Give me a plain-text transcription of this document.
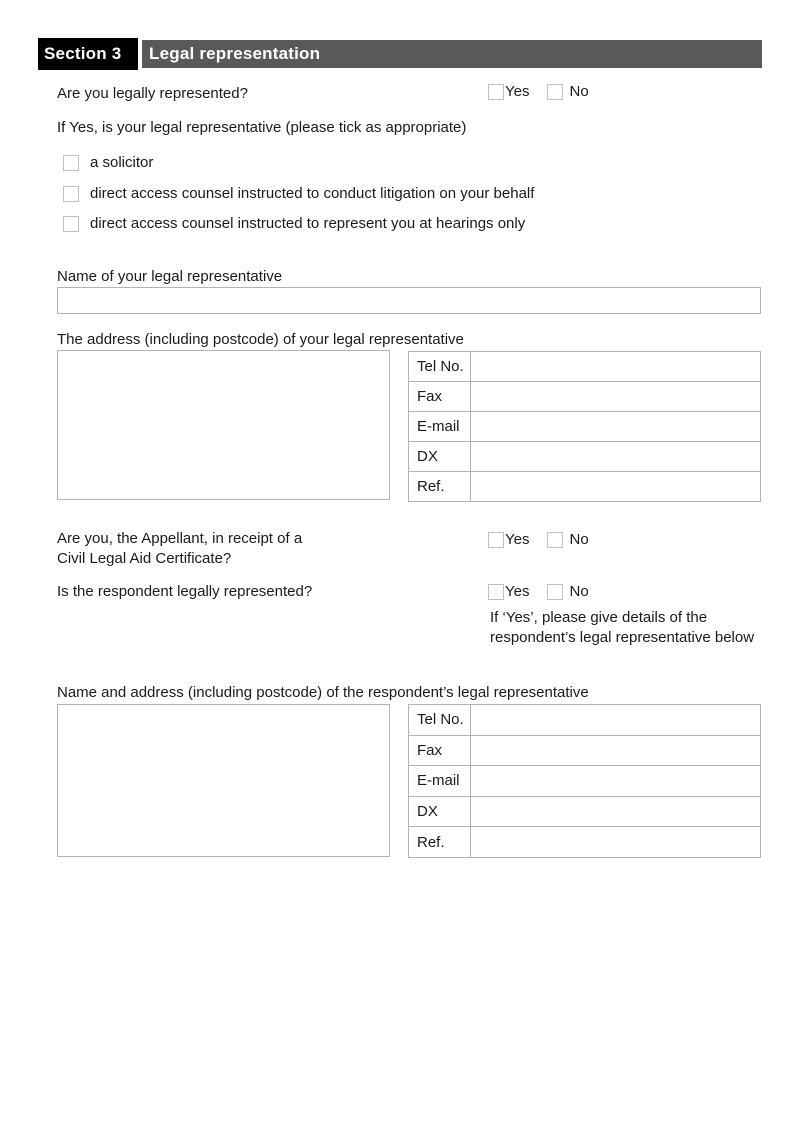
Section 3	Legal representation
Are you legally represented?	Yes	No
If Yes, is your legal representative (please tick as appropriate)
a solicitor
direct access counsel instructed to conduct litigation on your behalf
direct access counsel instructed to represent you at hearings only
Name of your legal representative
The address (including postcode) of your legal representative
Tel No.	
Fax	
E-mail	
DX	
Ref.	
Are you, the Appellant, in receipt of a
Civil Legal Aid Certificate?
Yes	No
Is the respondent legally represented?	Yes	No
If ‘Yes’, please give details of the
respondent’s legal representative below
Name and address (including postcode) of the respondent’s legal representative
Tel No.	
Fax	
E-mail	
DX	
Ref.	
